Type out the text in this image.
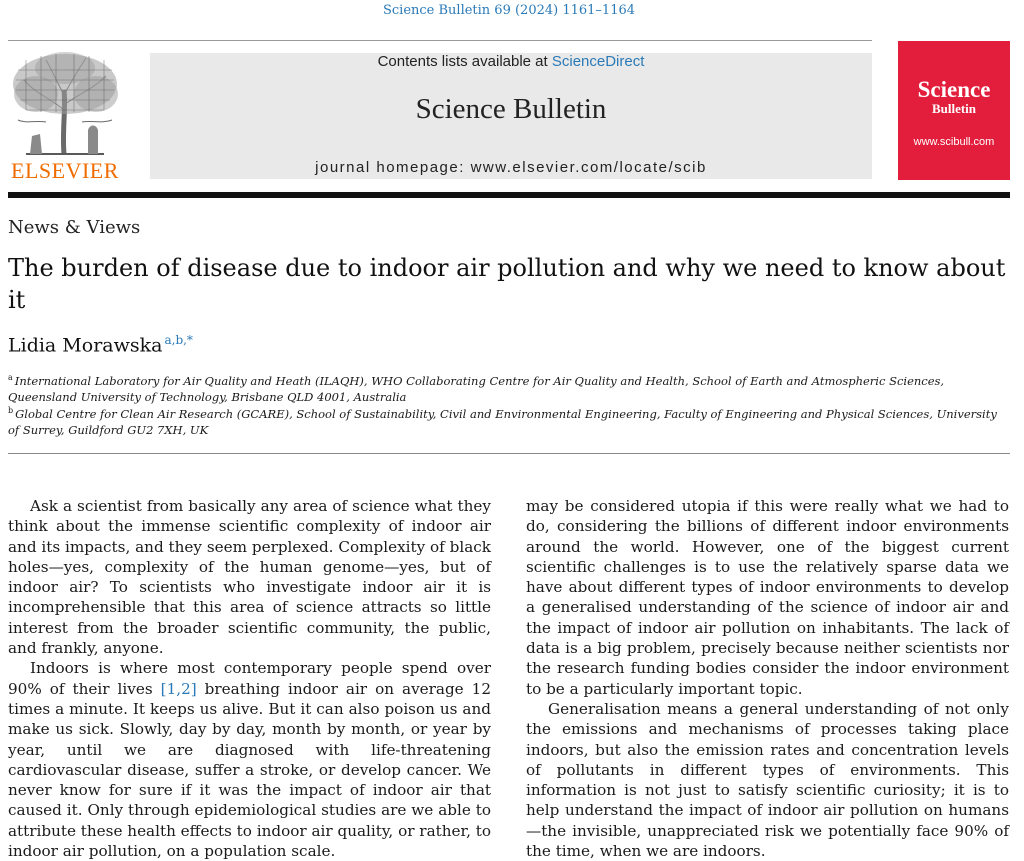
Science Bulletin 69 (2024) 1161–1164
ELSEVIER
Contents lists available at ScienceDirect
Science Bulletin
journal homepage: www.elsevier.com/locate/scib
Science
Bulletin
www.scibull.com
News & Views
The burden of disease due to indoor air pollution and why we need to know about it
Lidia Morawska $^{a,b,*}$
$^a$ International Laboratory for Air Quality and Heath (ILAQH), WHO Collaborating Centre for Air Quality and Health, School of Earth and Atmospheric Sciences, Queensland University of Technology, Brisbane QLD 4001, Australia
$^b$ Global Centre for Clean Air Research (GCARE), School of Sustainability, Civil and Environmental Engineering, Faculty of Engineering and Physical Sciences, University of Surrey, Guildford GU2 7XH, UK

Ask a scientist from basically any area of science what they think about the immense scientific complexity of indoor air and its impacts, and they seem perplexed. Complexity of black holes—yes, complexity of the human genome—yes, but of indoor air? To scientists who investigate indoor air it is incomprehensible that this area of science attracts so little interest from the broader scientific community, the public, and frankly, anyone.

Indoors is where most contemporary people spend over 90% of their lives [1,2] breathing indoor air on average 12 times a minute. It keeps us alive. But it can also poison us and make us sick. Slowly, day by day, month by month, or year by year, until we are diagnosed with life-threatening cardiovascular disease, suffer a stroke, or develop cancer. We never know for sure if it was the impact of indoor air that caused it. Only through epidemiological studies are we able to attribute these health effects to indoor air quality, or rather, to indoor air pollution, on a population scale.

may be considered utopia if this were really what we had to do, considering the billions of different indoor environments around the world. However, one of the biggest current scientific challenges is to use the relatively sparse data we have about different types of indoor environments to develop a generalised understanding of the science of indoor air and the impact of indoor air pollution on inhabitants. The lack of data is a big problem, precisely because neither scientists nor the research funding bodies consider the indoor environment to be a particularly important topic.

Generalisation means a general understanding of not only the emissions and mechanisms of processes taking place indoors, but also the emission rates and concentration levels of pollutants in different types of environments. This information is not just to satisfy scientific curiosity; it is to help understand the impact of indoor air pollution on humans—the invisible, unappreciated risk we potentially face 90% of the time, when we are indoors.
